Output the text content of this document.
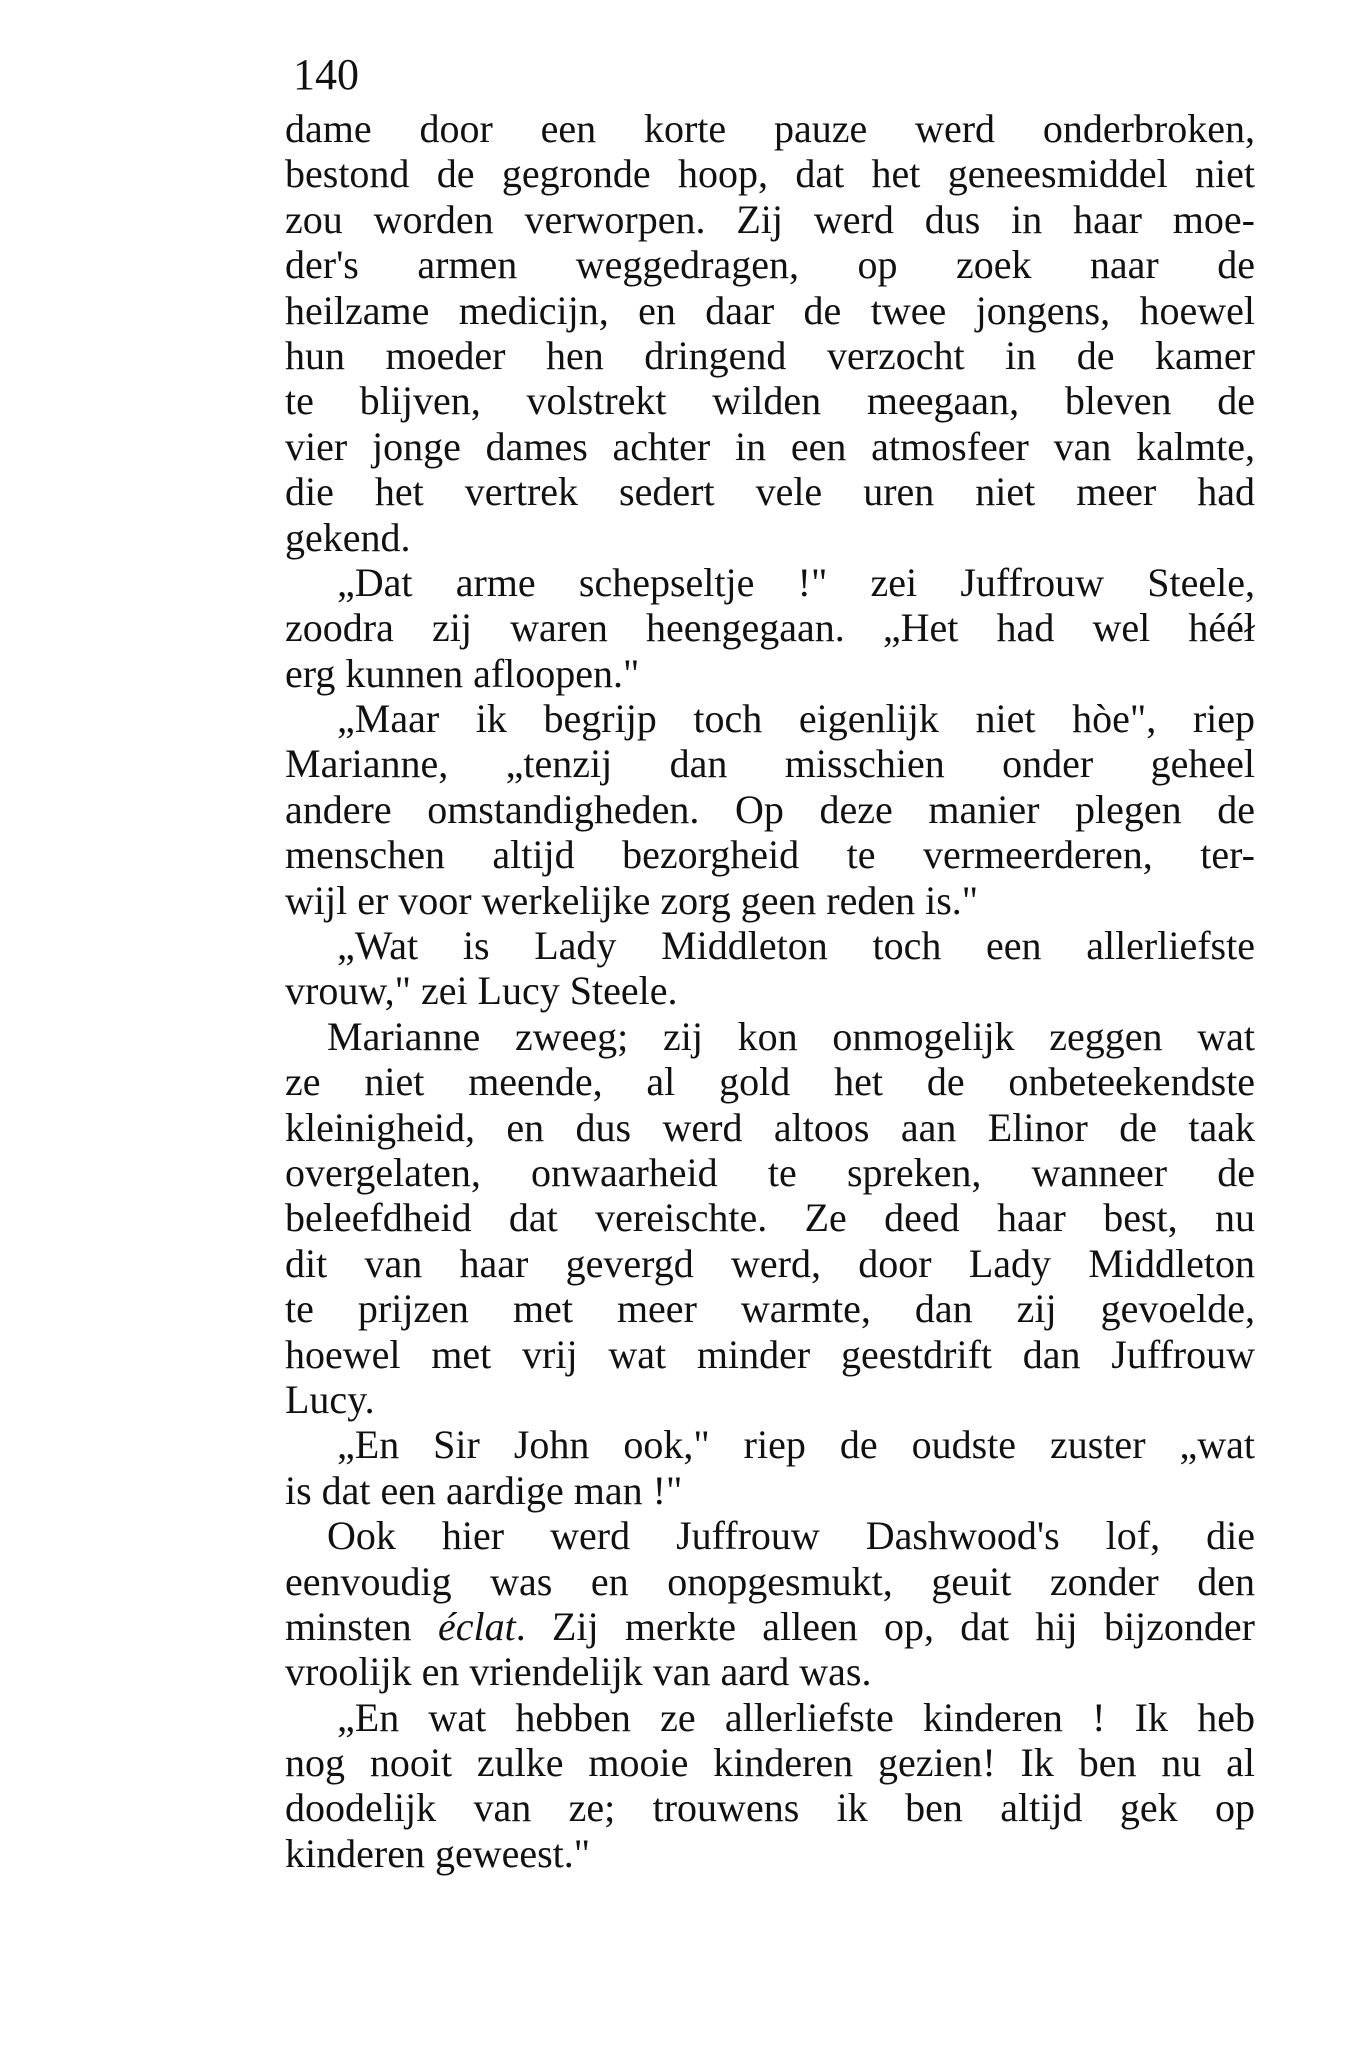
140

dame door een korte pauze werd onderbroken,
bestond de gegronde hoop, dat het geneesmiddel niet
zou worden verworpen. Zij werd dus in haar moe-
der's armen weggedragen, op zoek naar de
heilzame medicijn, en daar de twee jongens, hoewel
hun moeder hen dringend verzocht in de kamer
te blijven, volstrekt wilden meegaan, bleven de
vier jonge dames achter in een atmosfeer van kalmte,
die het vertrek sedert vele uren niet meer had
gekend.
„Dat arme schepseltje !" zei Juffrouw Steele,
zoodra zij waren heengegaan. „Het had wel hééł
erg kunnen afloopen."
„Maar ik begrijp toch eigenlijk niet hòe", riep
Marianne, „tenzij dan misschien onder geheel
andere omstandigheden. Op deze manier plegen de
menschen altijd bezorgheid te vermeerderen, ter-
wijl er voor werkelijke zorg geen reden is."
„Wat is Lady Middleton toch een allerliefste
vrouw," zei Lucy Steele.
Marianne zweeg; zij kon onmogelijk zeggen wat
ze niet meende, al gold het de onbeteekendste
kleinigheid, en dus werd altoos aan Elinor de taak
overgelaten, onwaarheid te spreken, wanneer de
beleefdheid dat vereischte. Ze deed haar best, nu
dit van haar gevergd werd, door Lady Middleton
te prijzen met meer warmte, dan zij gevoelde,
hoewel met vrij wat minder geestdrift dan Juffrouw
Lucy.
„En Sir John ook," riep de oudste zuster „wat
is dat een aardige man !"
Ook hier werd Juffrouw Dashwood's lof, die
eenvoudig was en onopgesmukt, geuit zonder den
minsten éclat. Zij merkte alleen op, dat hij bijzonder
vroolijk en vriendelijk van aard was.
„En wat hebben ze allerliefste kinderen ! Ik heb
nog nooit zulke mooie kinderen gezien! Ik ben nu al
doodelijk van ze; trouwens ik ben altijd gek op
kinderen geweest."
